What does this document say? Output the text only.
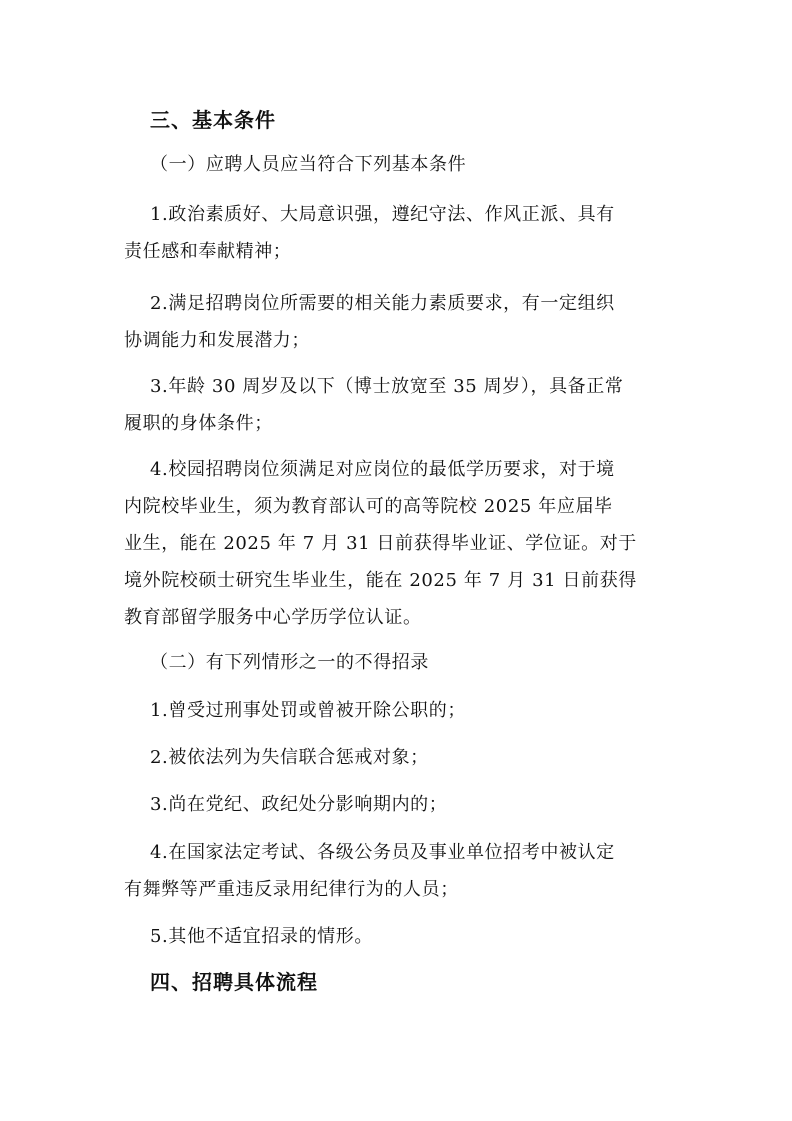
三、基本条件
（一）应聘人员应当符合下列基本条件
1.政治素质好、大局意识强，遵纪守法、作风正派、具有
责任感和奉献精神；
2.满足招聘岗位所需要的相关能力素质要求，有一定组织
协调能力和发展潜力；
3.年龄 30 周岁及以下（博士放宽至 35 周岁），具备正常
履职的身体条件；
4.校园招聘岗位须满足对应岗位的最低学历要求，对于境
内院校毕业生，须为教育部认可的高等院校 2025 年应届毕
业生，能在 2025 年 7 月 31 日前获得毕业证、学位证。对于
境外院校硕士研究生毕业生，能在 2025 年 7 月 31 日前获得
教育部留学服务中心学历学位认证。
（二）有下列情形之一的不得招录
1.曾受过刑事处罚或曾被开除公职的；
2.被依法列为失信联合惩戒对象；
3.尚在党纪、政纪处分影响期内的；
4.在国家法定考试、各级公务员及事业单位招考中被认定
有舞弊等严重违反录用纪律行为的人员；
5.其他不适宜招录的情形。
四、招聘具体流程
